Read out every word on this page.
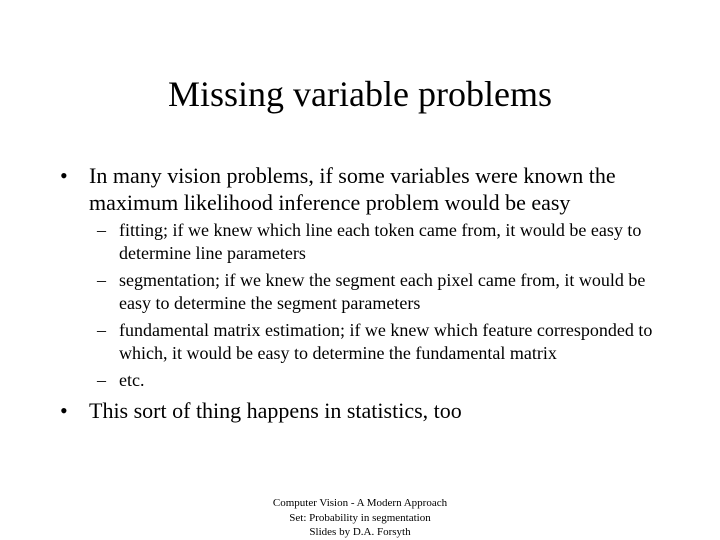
Missing variable problems
• In many vision problems, if some variables were known the maximum likelihood inference problem would be easy
– fitting; if we knew which line each token came from, it would be easy to determine line parameters
– segmentation; if we knew the segment each pixel came from, it would be easy to determine the segment parameters
– fundamental matrix estimation; if we knew which feature corresponded to which, it would be easy to determine the fundamental matrix
– etc.
• This sort of thing happens in statistics, too
Computer Vision - A Modern Approach
Set: Probability in segmentation
Slides by D.A. Forsyth
